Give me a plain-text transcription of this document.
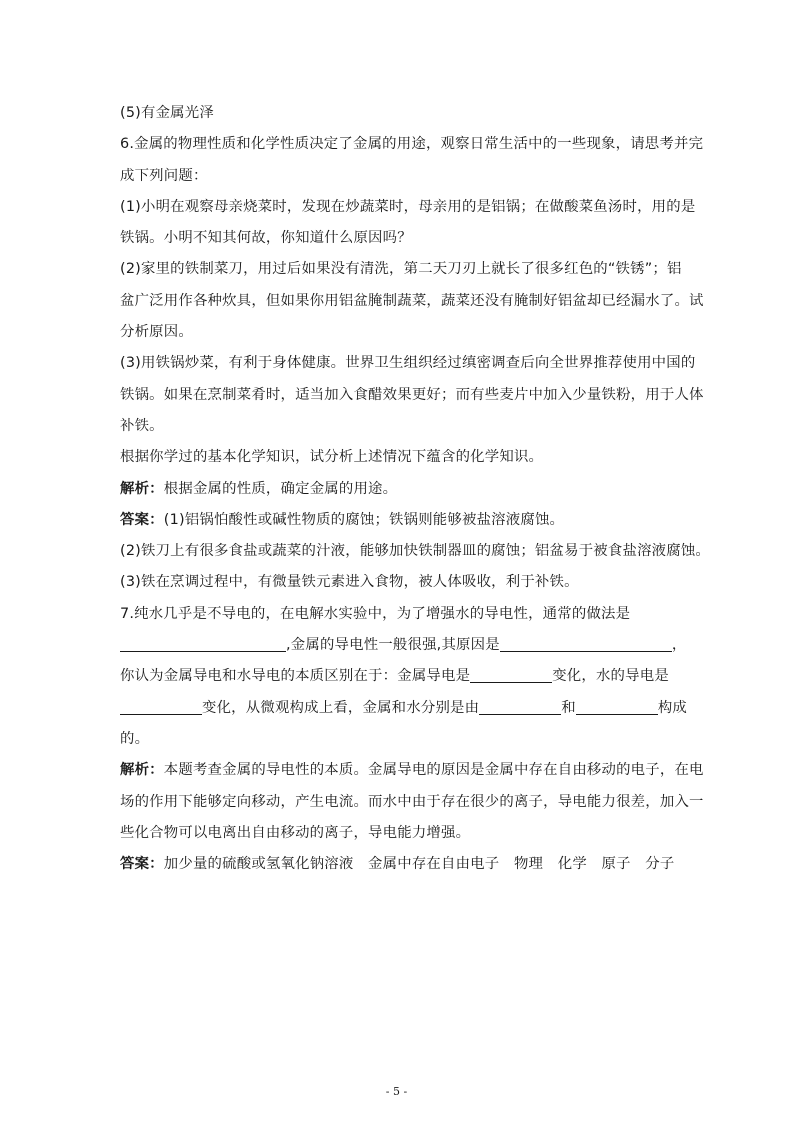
(5)有金属光泽
6.金属的物理性质和化学性质决定了金属的用途，观察日常生活中的一些现象，请思考并完
成下列问题：
(1)小明在观察母亲烧菜时，发现在炒蔬菜时，母亲用的是铝锅；在做酸菜鱼汤时，用的是
铁锅。小明不知其何故，你知道什么原因吗？
(2)家里的铁制菜刀，用过后如果没有清洗，第二天刀刃上就长了很多红色的“铁锈”；铝
盆广泛用作各种炊具，但如果你用铝盆腌制蔬菜，蔬菜还没有腌制好铝盆却已经漏水了。试
分析原因。
(3)用铁锅炒菜，有利于身体健康。世界卫生组织经过缜密调查后向全世界推荐使用中国的
铁锅。如果在烹制菜肴时，适当加入食醋效果更好；而有些麦片中加入少量铁粉，用于人体
补铁。
根据你学过的基本化学知识，试分析上述情况下蕴含的化学知识。
解析：根据金属的性质，确定金属的用途。
答案：(1)铝锅怕酸性或碱性物质的腐蚀；铁锅则能够被盐溶液腐蚀。
(2)铁刀上有很多食盐或蔬菜的汁液，能够加快铁制器皿的腐蚀；铝盆易于被食盐溶液腐蚀。
(3)铁在烹调过程中，有微量铁元素进入食物，被人体吸收，利于补铁。
7.纯水几乎是不导电的，在电解水实验中，为了增强水的导电性，通常的做法是
,金属的导电性一般很强,其原因是	，
你认为金属导电和水导电的本质区别在于：金属导电是	变化，水的导电是
变化，从微观构成上看，金属和水分别是由	和	构成
的。
解析：本题考查金属的导电性的本质。金属导电的原因是金属中存在自由移动的电子，在电
场的作用下能够定向移动，产生电流。而水中由于存在很少的离子，导电能力很差，加入一
些化合物可以电离出自由移动的离子，导电能力增强。
答案：加少量的硫酸或氢氧化钠溶液　金属中存在自由电子　物理　化学　原子　分子
- 5 -
